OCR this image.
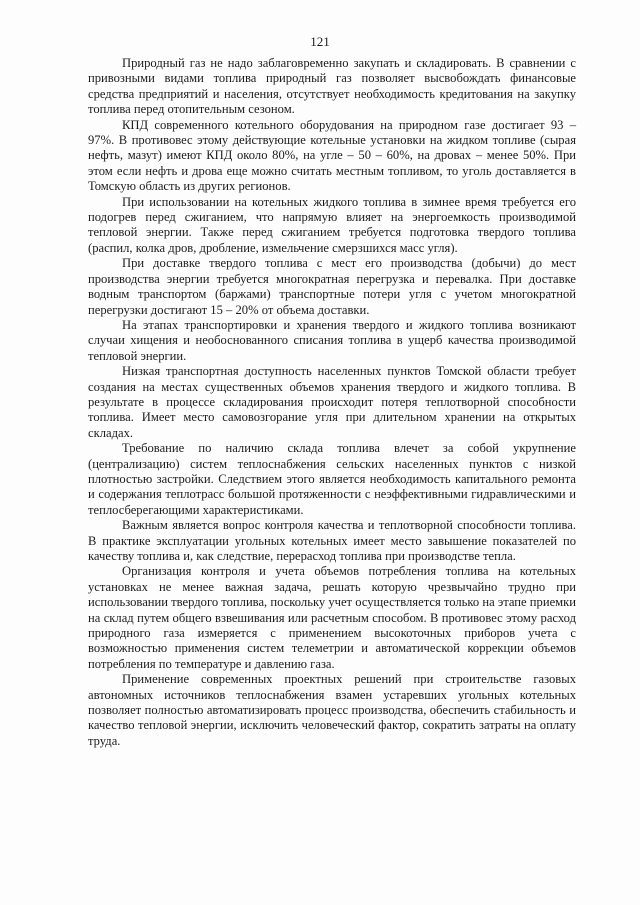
121

Природный газ не надо заблаговременно закупать и складировать. В сравнении с привозными видами топлива природный газ позволяет высвобождать финансовые средства предприятий и населения, отсутствует необходимость кредитования на закупку топлива перед отопительным сезоном.

КПД современного котельного оборудования на природном газе достигает 93 – 97%. В противовес этому действующие котельные установки на жидком топливе (сырая нефть, мазут) имеют КПД около 80%, на угле – 50 – 60%, на дровах – менее 50%. При этом если нефть и дрова еще можно считать местным топливом, то уголь доставляется в Томскую область из других регионов.

При использовании на котельных жидкого топлива в зимнее время требуется его подогрев перед сжиганием, что напрямую влияет на энергоемкость производимой тепловой энергии. Также перед сжиганием требуется подготовка твердого топлива (распил, колка дров, дробление, измельчение смерзшихся масс угля).

При доставке твердого топлива с мест его производства (добычи) до мест производства энергии требуется многократная перегрузка и перевалка. При доставке водным транспортом (баржами) транспортные потери угля с учетом многократной перегрузки достигают 15 – 20% от объема доставки.

На этапах транспортировки и хранения твердого и жидкого топлива возникают случаи хищения и необоснованного списания топлива в ущерб качества производимой тепловой энергии.

Низкая транспортная доступность населенных пунктов Томской области требует создания на местах существенных объемов хранения твердого и жидкого топлива. В результате в процессе складирования происходит потеря теплотворной способности топлива. Имеет место самовозгорание угля при длительном хранении на открытых складах.

Требование по наличию склада топлива влечет за собой укрупнение (централизацию) систем теплоснабжения сельских населенных пунктов с низкой плотностью застройки. Следствием этого является необходимость капитального ремонта и содержания теплотрасс большой протяженности с неэффективными гидравлическими и теплосберегающими характеристиками.

Важным является вопрос контроля качества и теплотворной способности топлива. В практике эксплуатации угольных котельных имеет место завышение показателей по качеству топлива и, как следствие, перерасход топлива при производстве тепла.

Организация контроля и учета объемов потребления топлива на котельных установках не менее важная задача, решать которую чрезвычайно трудно при использовании твердого топлива, поскольку учет осуществляется только на этапе приемки на склад путем общего взвешивания или расчетным способом. В противовес этому расход природного газа измеряется с применением высокоточных приборов учета с возможностью применения систем телеметрии и автоматической коррекции объемов потребления по температуре и давлению газа.

Применение современных проектных решений при строительстве газовых автономных источников теплоснабжения взамен устаревших угольных котельных позволяет полностью автоматизировать процесс производства, обеспечить стабильность и качество тепловой энергии, исключить человеческий фактор, сократить затраты на оплату труда.
